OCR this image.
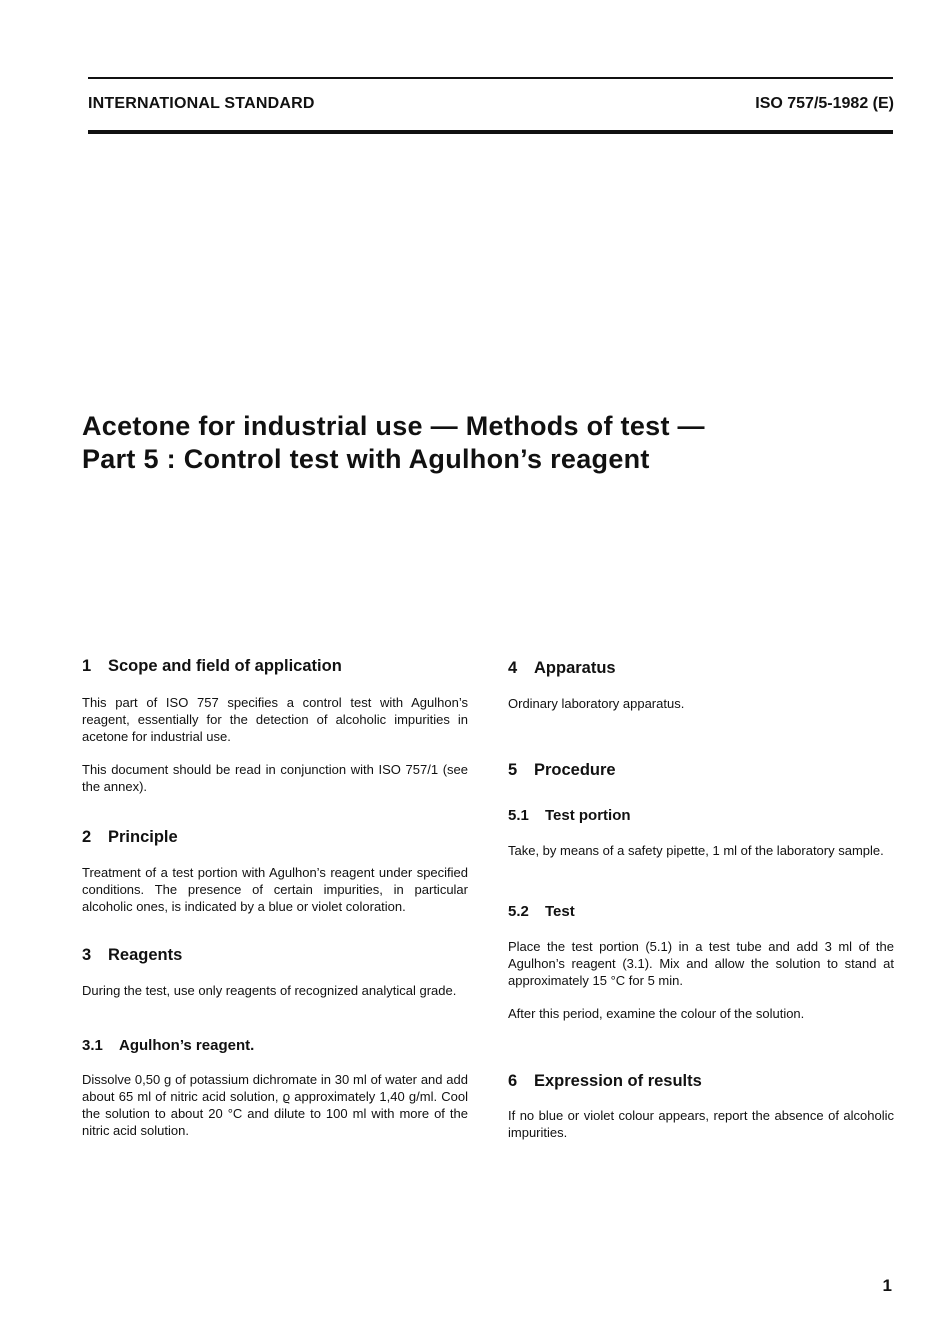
INTERNATIONAL STANDARD	ISO 757/5-1982 (E)
Acetone for industrial use — Methods of test —
Part 5 : Control test with Agulhon’s reagent
1 Scope and field of application

This part of ISO 757 specifies a control test with Agulhon’s reagent, essentially for the detection of alcoholic impurities in acetone for industrial use.

This document should be read in conjunction with ISO 757/1 (see the annex).

2 Principle

Treatment of a test portion with Agulhon’s reagent under specified conditions. The presence of certain impurities, in particular alcoholic ones, is indicated by a blue or violet coloration.

3 Reagents

During the test, use only reagents of recognized analytical grade.

3.1 Agulhon’s reagent.

Dissolve 0,50 g of potassium dichromate in 30 ml of water and add about 65 ml of nitric acid solution, ϱ approximately 1,40 g/ml. Cool the solution to about 20 °C and dilute to 100 ml with more of the nitric acid solution.

4 Apparatus

Ordinary laboratory apparatus.

5 Procedure
5.1 Test portion

Take, by means of a safety pipette, 1 ml of the laboratory sample.

5.2 Test

Place the test portion (5.1) in a test tube and add 3 ml of the Agulhon’s reagent (3.1). Mix and allow the solution to stand at approximately 15 °C for 5 min.

After this period, examine the colour of the solution.

6 Expression of results

If no blue or violet colour appears, report the absence of alcoholic impurities.

1
